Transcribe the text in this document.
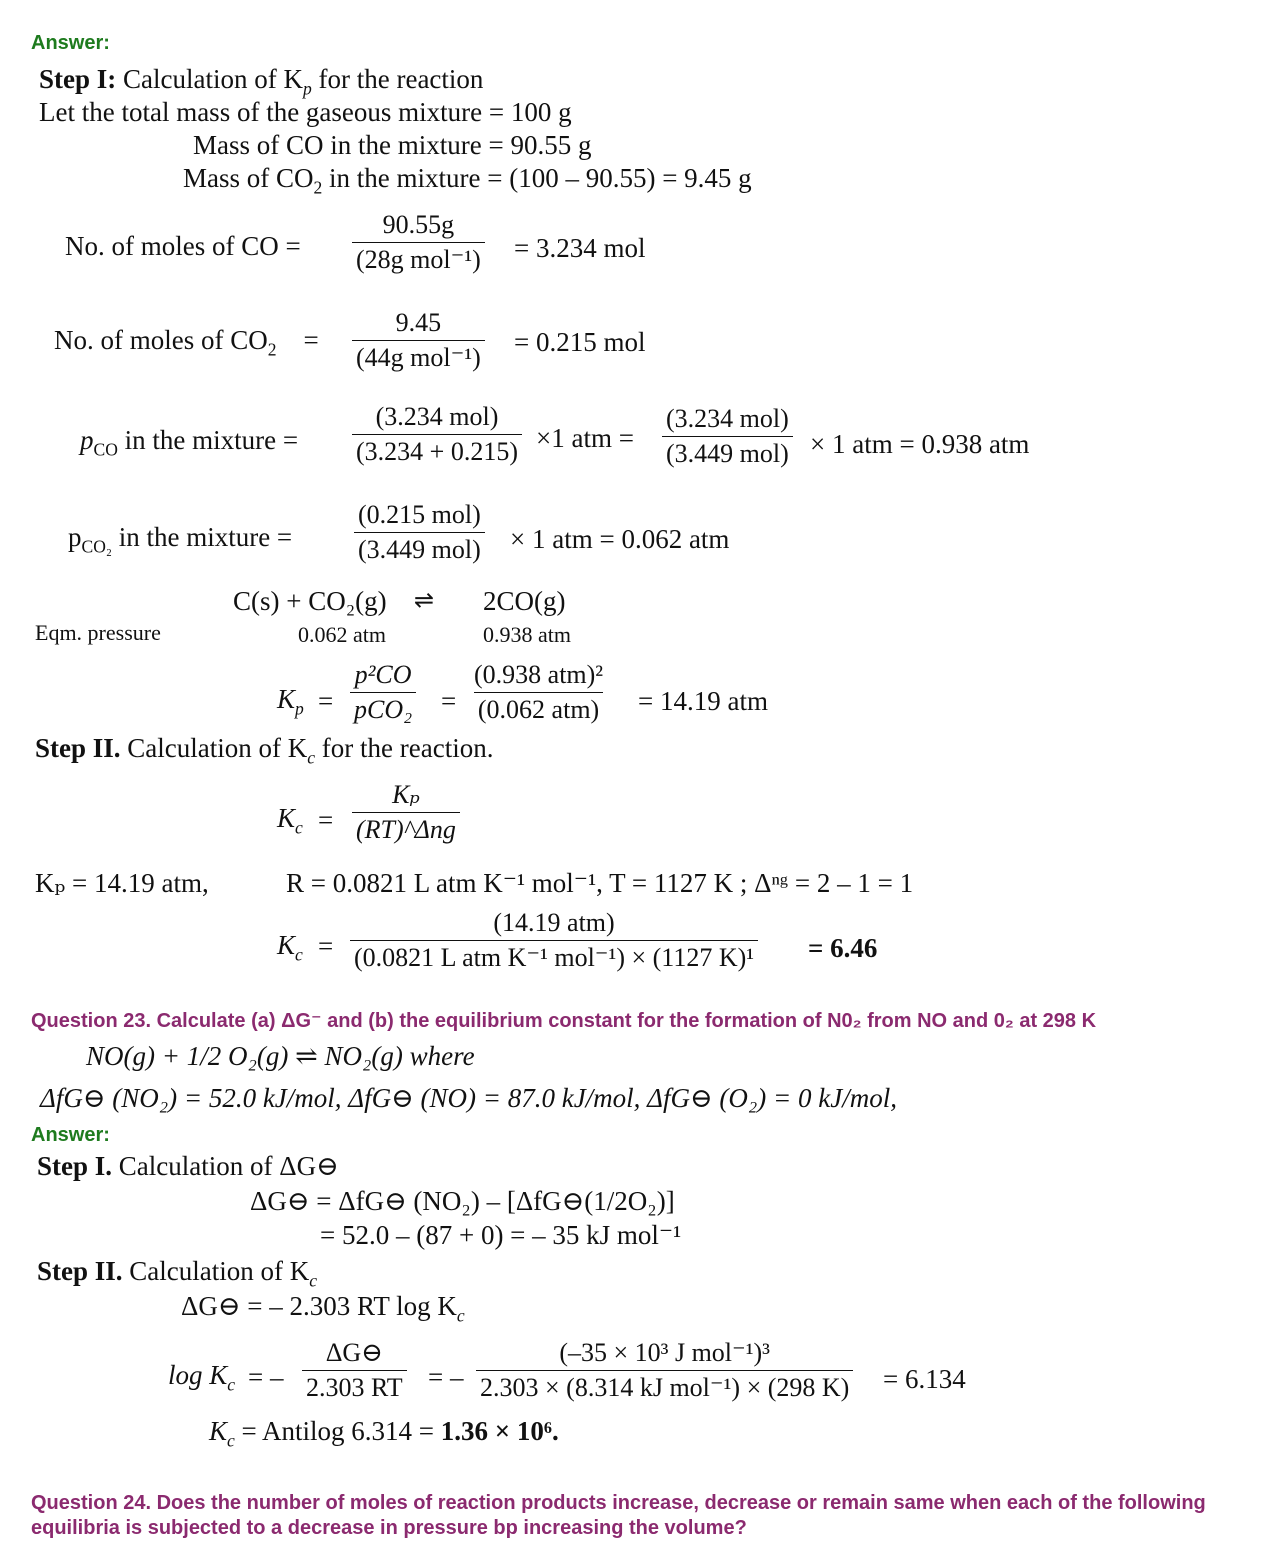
Answer:
Step I: Calculation of $K_p$ for the reaction
Let the total mass of the gaseous mixture = 100 g
Mass of CO in the mixture = 90.55 g
Mass of $CO_2$ in the mixture = (100 – 90.55) = 9.45 g
No. of moles of CO =
90.55g
(28g mol⁻¹) = 3.234 mol
No. of moles of $CO_2$ =
9.45
(44g mol⁻¹)
= 0.215 mol
$p_{CO}$ in the mixture =
(3.234 mol)
(3.234 + 0.215) ×1 atm =
(3.234 mol)
(3.449 mol) × 1 atm = 0.938 atm
$p_{CO_2}$ in the mixture =
(0.215 mol)
(3.449 mol) × 1 atm = 0.062 atm
C(s) + CO₂(g) ⇌ 2CO(g)
Eqm. pressure	0.062 atm	0.938 atm
$K_p$ =
p²CO
pCO₂ =
(0.938 atm)²
(0.062 atm) = 14.19 atm
Step II. Calculation of $K_c$ for the reaction.
$K_c$ =
Kₚ
(RT)^Δng
Kₚ = 14.19 atm,	R = 0.0821 L atm K⁻¹ mol⁻¹, T = 1127 K ; Δⁿᵍ = 2 – 1 = 1
$K_c$ =
(14.19 atm)
(0.0821 L atm K⁻¹ mol⁻¹) × (1127 K)¹ = 6.46
Question 23. Calculate (a) ΔG⁻ and (b) the equilibrium constant for the formation of N0₂ from NO and 0₂ at 298 K
NO(g) + 1/2 O₂(g) ⇌ NO₂(g) where
ΔfG⊖ (NO₂) = 52.0 kJ/mol, ΔfG⊖ (NO) = 87.0 kJ/mol, ΔfG⊖ (O₂) = 0 kJ/mol,
Answer:
Step I. Calculation of ΔG⊖
ΔG⊖ = ΔfG⊖ (NO₂) – [ΔfG⊖(1/2O₂)]
= 52.0 – (87 + 0) = – 35 kJ mol⁻¹
Step II. Calculation of $K_c$
ΔG⊖ = – 2.303 RT $\log K_c$
$\log K_c$ = – $\frac{\Delta G⊖}{2.303 RT}$ = –
(–35 × 10³ J mol⁻¹)³
2.303 × (8.314 kJ mol⁻¹) × (298 K) = 6.134
$K_c$ = Antilog 6.314 = 1.36 × 10⁶.
Question 24. Does the number of moles of reaction products increase, decrease or remain same when each of the following
equilibria is subjected to a decrease in pressure bp increasing the volume?
